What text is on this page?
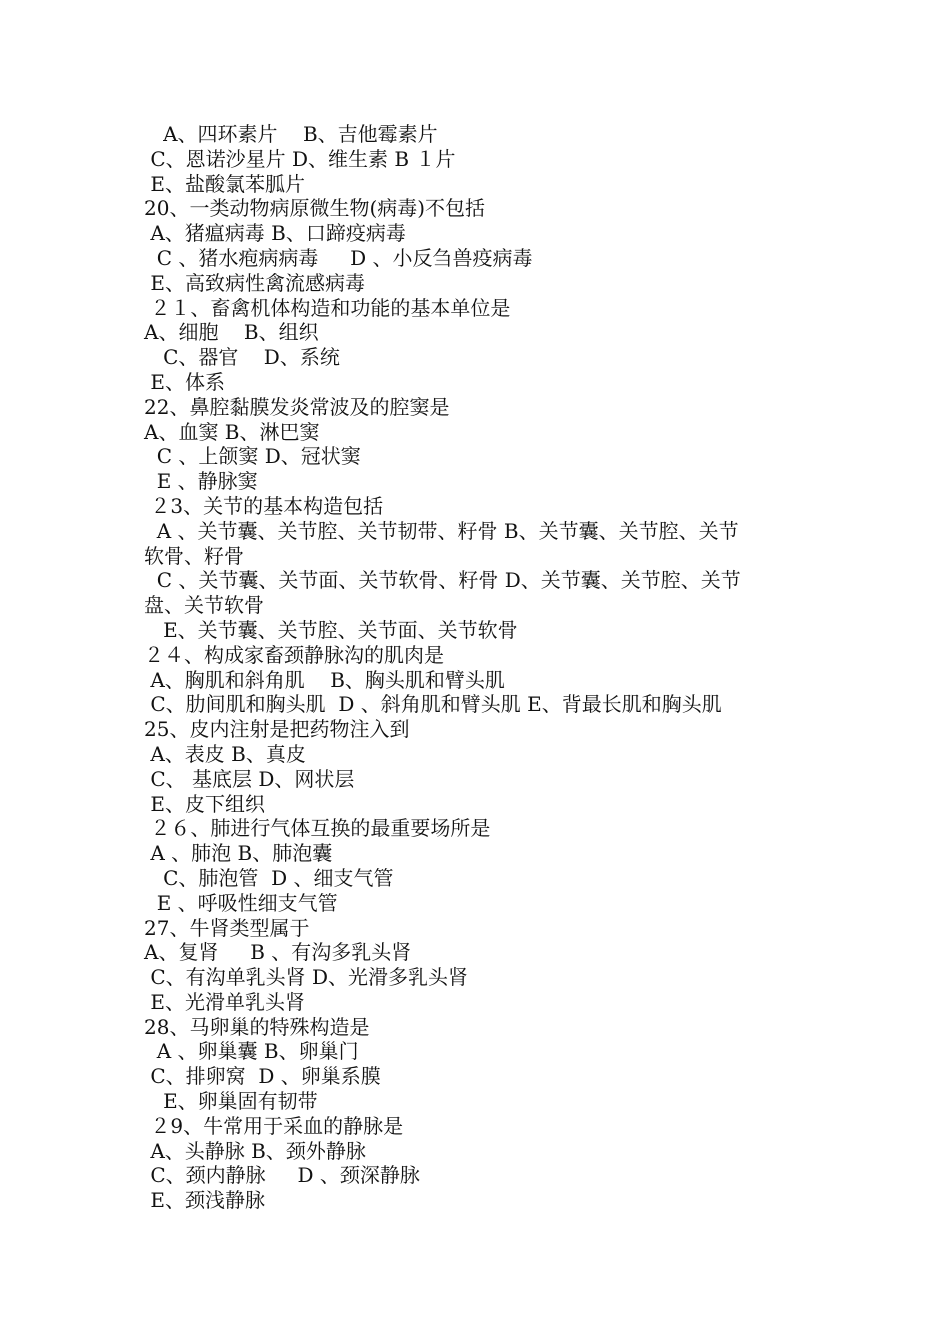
A、四环素片    B、吉他霉素片

C、恩诺沙星片 D、维生素 B １片

E、盐酸氯苯胍片

20、一类动物病原微生物(病毒)不包括

A、猪瘟病毒 B、口蹄疫病毒

C 、猪水疱病病毒     D 、小反刍兽疫病毒

E、高致病性禽流感病毒

２１、畜禽机体构造和功能的基本单位是

A、细胞    B、组织

C、器官    D、系统

E、体系

22、鼻腔黏膜发炎常波及的腔窦是

A、血窦 B、淋巴窦

C 、上颌窦 D、冠状窦

E 、静脉窦

２3、关节的基本构造包括

A 、关节囊、关节腔、关节韧带、籽骨 B、关节囊、关节腔、关节

软骨、籽骨

C 、关节囊、关节面、关节软骨、籽骨 D、关节囊、关节腔、关节

盘、关节软骨

E、关节囊、关节腔、关节面、关节软骨

２４、构成家畜颈静脉沟的肌肉是

A、胸肌和斜角肌    B、胸头肌和臂头肌

C、肋间肌和胸头肌  D 、斜角肌和臂头肌 E、背最长肌和胸头肌

25、皮内注射是把药物注入到

A、表皮 B、真皮

C、 基底层 D、网状层

E、皮下组织

２６、肺进行气体互换的最重要场所是

A 、肺泡 B、肺泡囊

C、肺泡管  D 、细支气管

E 、呼吸性细支气管

27、牛肾类型属于

A、复肾     B 、有沟多乳头肾

C、有沟单乳头肾 D、光滑多乳头肾

E、光滑单乳头肾

28、马卵巢的特殊构造是

A 、卵巢囊 B、卵巢门

C、排卵窝  D 、卵巢系膜

E、卵巢固有韧带

２9、牛常用于采血的静脉是

A、头静脉 B、颈外静脉

C、颈内静脉     D 、颈深静脉

E、颈浅静脉
